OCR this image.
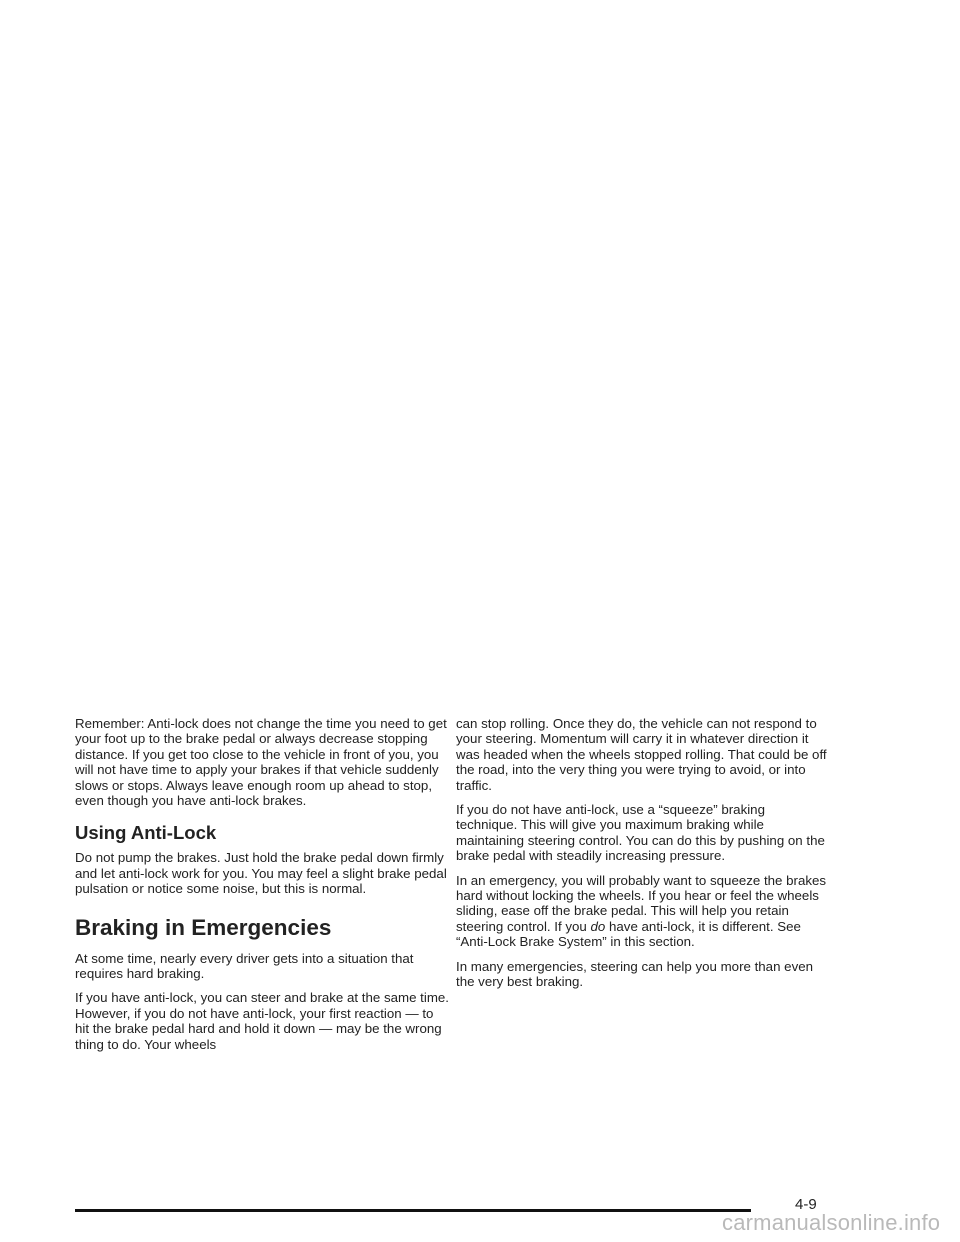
Remember: Anti-lock does not change the time you need to get your foot up to the brake pedal or always decrease stopping distance. If you get too close to the vehicle in front of you, you will not have time to apply your brakes if that vehicle suddenly slows or stops. Always leave enough room up ahead to stop, even though you have anti-lock brakes.

Using Anti-Lock

Do not pump the brakes. Just hold the brake pedal down firmly and let anti-lock work for you. You may feel a slight brake pedal pulsation or notice some noise, but this is normal.

Braking in Emergencies

At some time, nearly every driver gets into a situation that requires hard braking.

If you have anti-lock, you can steer and brake at the same time. However, if you do not have anti-lock, your first reaction — to hit the brake pedal hard and hold it down — may be the wrong thing to do. Your wheels

can stop rolling. Once they do, the vehicle can not respond to your steering. Momentum will carry it in whatever direction it was headed when the wheels stopped rolling. That could be off the road, into the very thing you were trying to avoid, or into traffic.

If you do not have anti-lock, use a “squeeze” braking technique. This will give you maximum braking while maintaining steering control. You can do this by pushing on the brake pedal with steadily increasing pressure.

In an emergency, you will probably want to squeeze the brakes hard without locking the wheels. If you hear or feel the wheels sliding, ease off the brake pedal. This will help you retain steering control. If you do have anti-lock, it is different. See “Anti-Lock Brake System” in this section.

In many emergencies, steering can help you more than even the very best braking.

4-9
carmanualsonline.info
